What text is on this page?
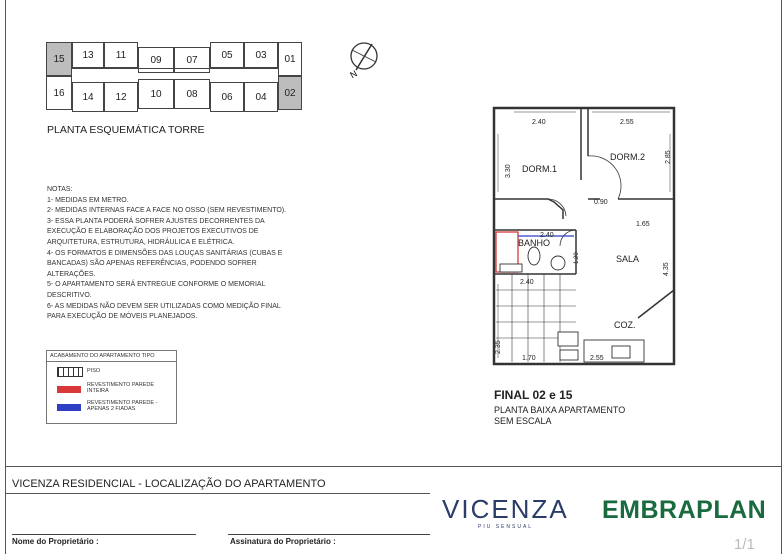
15	13	11	09	07	05	03	01
16	14	12	10	08	06	04	02
N
PLANTA ESQUEMÁTICA TORRE
NOTAS:
1- MEDIDAS EM METRO.
2- MEDIDAS INTERNAS FACE A FACE NO OSSO (SEM REVESTIMENTO).
3- ESSA PLANTA PODERÁ SOFRER AJUSTES DECORRENTES DA
EXECUÇÃO E ELABORAÇÃO DOS PROJETOS EXECUTIVOS DE
ARQUITETURA, ESTRUTURA, HIDRÁULICA E ELÉTRICA.
4- OS FORMATOS E DIMENSÕES DAS LOUÇAS SANITÁRIAS (CUBAS E
BANCADAS) SÃO APENAS REFERÊNCIAS, PODENDO SOFRER
ALTERAÇÕES.
5- O APARTAMENTO SERÁ ENTREGUE CONFORME O MEMORIAL
DESCRITIVO.
6- AS MEDIDAS NÃO DEVEM SER UTILIZADAS COMO MEDIÇÃO FINAL
PARA EXECUÇÃO DE MÓVEIS PLANEJADOS.
ACABAMENTO DO APARTAMENTO TIPO
PISO
REVESTIMENTO PAREDE INTEIRA
REVESTIMENTO PAREDE - APENAS 2 FIADAS
2.40	2.55
3.30
2.85
DORM.1
DORM.2
0.90
1.65
2.40
BANHO
SALA
4.35
2.40
COZ.
2.35
1.70	2.55
1.20
FINAL 02 e 15
PLANTA BAIXA APARTAMENTO
SEM ESCALA
VICENZA RESIDENCIAL - LOCALIZAÇÃO DO APARTAMENTO
Nome do Proprietário :	Assinatura do Proprietário :
VICENZA
PIU SENSUAL
EMBRAPLAN
1/1
